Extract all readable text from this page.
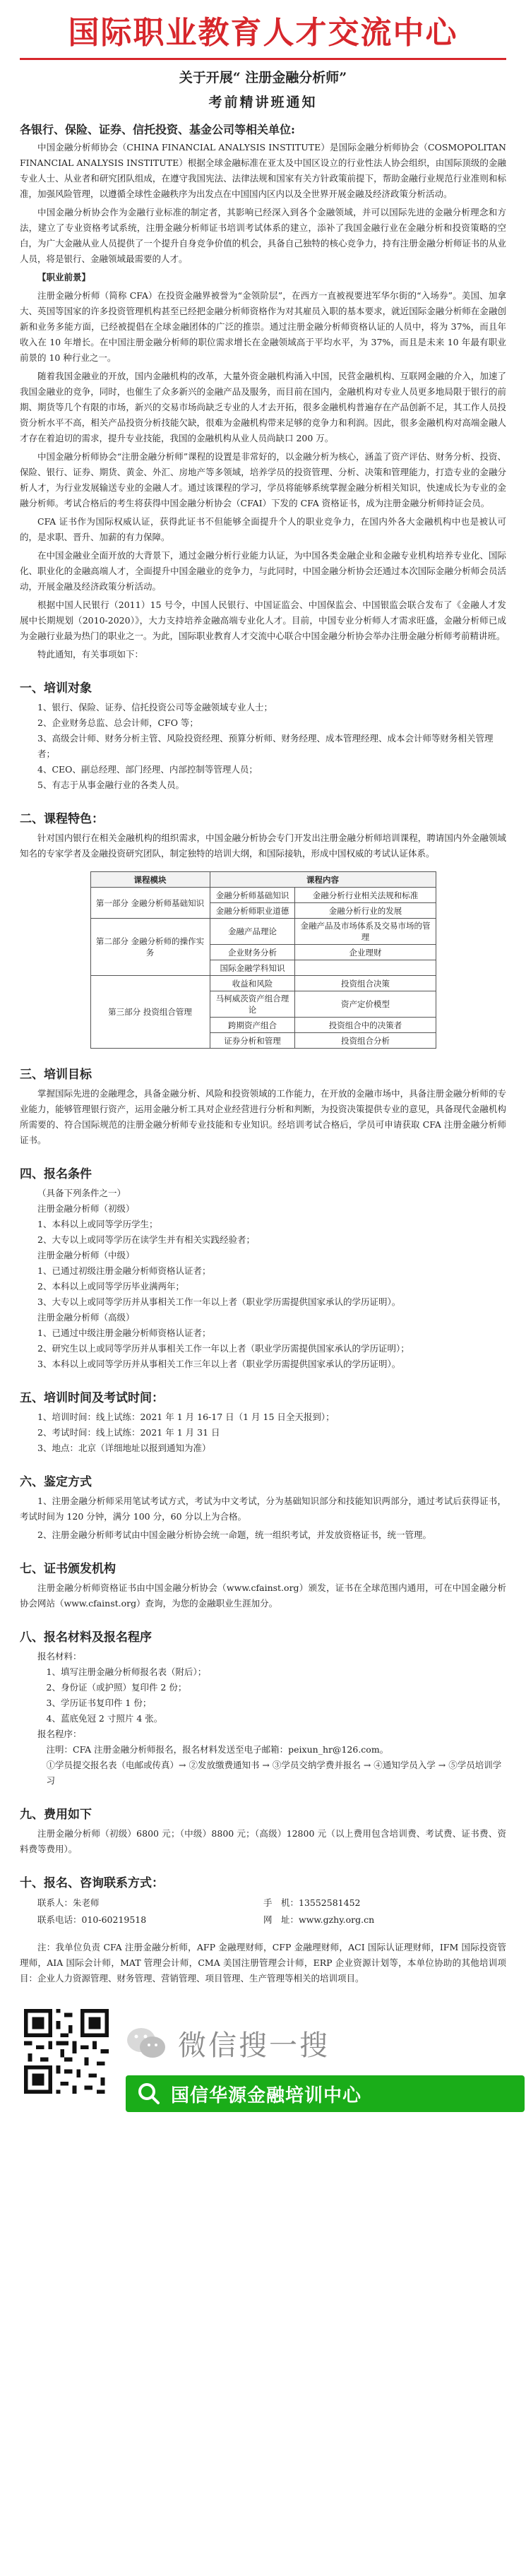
国际职业教育人才交流中心
关于开展“ 注册金融分析师”
考前精讲班通知
各银行、保险、证券、信托投资、基金公司等相关单位:

中国金融分析师协会（CHINA FINANCIAL ANALYSIS INSTITUTE）是国际金融分析师协会（COSMOPOLITAN FINANCIAL ANALYSIS INSTITUTE）根据全球金融标准在亚太及中国区设立的行业性法人协会组织，由国际顶级的金融专业人士、从业者和研究团队组成，在遵守我国宪法、法律法规和国家有关方针政策前提下，帮助金融行业规范行业准则和标准，加强风险管理，以遵循全球性金融秩序为出发点在中国国内区内以及全世界开展金融及经济政策分析活动。

中国金融分析协会作为金融行业标准的制定者，其影响已经深入到各个金融领域，并可以国际先进的金融分析理念和方法，建立了专业资格考试系统，注册金融分析师证书培训考试体系的建立，添补了我国金融行业在金融分析和投资策略的空白，为广大金融从业人员提供了一个提升自身竞争价值的机会，具备自己独特的核心竞争力，持有注册金融分析师证书的从业人员，将是银行、金融领域最需要的人才。

【职业前景】

注册金融分析师（简称 CFA）在投资金融界被誉为“金领阶层”，在西方一直被视要进军华尔街的“入场券”。美国、加拿大、英国等国家的许多投资管理机构甚至已经把金融分析师资格作为对其雇员入职的基本要求，就近国际金融分析师在金融创新和业务多能方面，已经被提倡在全球金融团体的广泛的推崇。通过注册金融分析师资格认证的人员中，将为 37%，而且年收入在 10 年增长。在中国注册金融分析师的职位需求增长在金融领域高于平均水平，为 37%，而且是未来 10 年最有职业前景的 10 种行业之一。

随着我国金融业的开放，国内金融机构的改革，大量外资金融机构涌入中国，民营金融机构、互联网金融的介入，加速了我国金融业的竞争，同时，也催生了众多新兴的金融产品及服务，而目前在国内，金融机构对专业人员更多地局限于银行的前期、期货等几个有限的市场，新兴的交易市场尚缺乏专业的人才去开拓，很多金融机构普遍存在产品创新不足，其工作人员投资分析水平不高，相关产品投资分析技能欠缺，很难为金融机构带来足够的竞争力和利润。因此，很多金融机构对高端金融人才存在着迫切的需求，提升专业技能，我国的金融机构从业人员尚缺口 200 万。

中国金融分析师协会“注册金融分析师”课程的设置是非常好的，以金融分析为核心，涵盖了资产评估、财务分析、投资、保险、银行、证券、期货、黄金、外汇、房地产等多领域，培养学员的投资管理、分析、决策和管理能力，打造专业的金融分析人才，为行业发展输送专业的金融人才。通过该课程的学习，学员将能够系统掌握金融分析相关知识，快速成长为专业的金融分析师。考试合格后的考生将获得中国金融分析协会（CFAI）下发的 CFA 资格证书，成为注册金融分析师持证会员。

CFA 证书作为国际权威认证，获得此证书不但能够全面提升个人的职业竞争力，在国内外各大金融机构中也是被认可的，是求职、晋升、加薪的有力保障。

在中国金融业全面开放的大背景下，通过金融分析行业能力认证，为中国各类金融企业和金融专业机构培养专业化、国际化、职业化的金融高端人才，全面提升中国金融业的竞争力，与此同时，中国金融分析协会还通过本次国际金融分析师会员活动，开展金融及经济政策分析活动。

根据中国人民银行（2011）15 号令，中国人民银行、中国证监会、中国保监会、中国银监会联合发布了《金融人才发展中长期规划（2010-2020）》，大力支持培养金融高端专业化人才。目前，中国专业分析师人才需求旺盛，金融分析师已成为金融行业最为热门的职业之一。为此，国际职业教育人才交流中心联合中国金融分析协会举办注册金融分析师考前精讲班。

特此通知，有关事项如下：

一、培训对象
1、银行、保险、证券、信托投资公司等金融领域专业人士；
2、企业财务总监、总会计师，CFO 等；
3、高级会计师、财务分析主管、风险投资经理、预算分析师、财务经理、成本管理经理、成本会计师等财务相关管理者；
4、CEO、副总经理、部门经理、内部控制等管理人员；
5、有志于从事金融行业的各类人员。
二、课程特色：

针对国内银行在相关金融机构的组织需求，中国金融分析协会专门开发出注册金融分析师培训课程，聘请国内外金融领域知名的专家学者及金融投资研究团队，制定独特的培训大纲，和国际接轨，形成中国权威的考试认证体系。

课程模块	课程内容	
第一部分 金融分析师基础知识	金融分析师基础知识	金融分析行业相关法规和标准
	金融分析师职业道德	金融分析行业的发展
第二部分 金融分析师的操作实务	金融产品理论	金融产品及市场体系及交易市场的管理
	企业财务分析	企业理财
	国际金融学科知识	
第三部分 投资组合管理	收益和风险	投资组合决策
	马柯威茨资产组合理论	资产定价模型
	跨期资产组合	投资组合中的决策者
	证券分析和管理	投资组合分析
三、培训目标

掌握国际先进的金融理念，具备金融分析、风险和投资领域的工作能力，在开放的金融市场中，具备注册金融分析师的专业能力，能够管理银行资产，运用金融分析工具对企业经营进行分析和判断，为投资决策提供专业的意见，具备现代金融机构所需要的、符合国际规范的注册金融分析师专业技能和专业知识。经培训考试合格后，学员可申请获取 CFA 注册金融分析师证书。

四、报名条件
（具备下列条件之一）
注册金融分析师（初级）
1、本科以上或同等学历学生；
2、大专以上或同等学历在读学生并有相关实践经验者；
注册金融分析师（中级）
1、已通过初级注册金融分析师资格认证者；
2、本科以上或同等学历毕业满两年；
3、大专以上或同等学历并从事相关工作一年以上者（职业学历需提供国家承认的学历证明）。
注册金融分析师（高级）
1、已通过中级注册金融分析师资格认证者；
2、研究生以上或同等学历并从事相关工作一年以上者（职业学历需提供国家承认的学历证明）；
3、本科以上或同等学历并从事相关工作三年以上者（职业学历需提供国家承认的学历证明）。
五、培训时间及考试时间：
1、培训时间：线上试练：2021 年 1 月 16-17 日（1 月 15 日全天报到）；
2、考试时间：线上试练：2021 年 1 月 31 日
3、地点：北京（详细地址以报到通知为准）
六、鉴定方式

1、注册金融分析师采用笔试考试方式，考试为中文考试，分为基础知识部分和技能知识两部分，通过考试后获得证书，考试时间为 120 分钟，满分 100 分，60 分以上为合格。

2、注册金融分析师考试由中国金融分析协会统一命题，统一组织考试，并发放资格证书，统一管理。

七、证书颁发机构

注册金融分析师资格证书由中国金融分析协会（www.cfainst.org）颁发，证书在全球范围内通用，可在中国金融分析协会网站（www.cfainst.org）查询，为您的金融职业生涯加分。

八、报名材料及报名程序
报名材料：
1、填写注册金融分析师报名表（附后）；
2、身份证（或护照）复印件 2 份；
3、学历证书复印件 1 份；
4、蓝底免冠 2 寸照片 4 张。
报名程序：
注明：CFA 注册金融分析师报名，报名材料发送至电子邮箱：peixun_hr@126.com。
①学员提交报名表（电邮或传真）→ ②发放缴费通知书 → ③学员交纳学费并报名 → ④通知学员入学 → ⑤学员培训学习
九、费用如下

注册金融分析师（初级）6800 元；（中级）8800 元；（高级）12800 元（以上费用包含培训费、考试费、证书费、资料费等费用）。

十、报名、咨询联系方式：
联系人：朱老师	手　机：13552581452
联系电话：010-60219518	网　址：www.gzhy.org.cn

注：我单位负责 CFA 注册金融分析师，AFP 金融理财师，CFP 金融理财师，ACI 国际认证理财师，IFM 国际投资管理师，AIA 国际会计师，MAT 管理会计师，CMA 美国注册管理会计师，ERP 企业资源计划等，本单位协助的其他培训项目：企业人力资源管理、财务管理、营销管理、项目管理、生产管理等相关的培训项目。

微信搜一搜
国信华源金融培训中心
